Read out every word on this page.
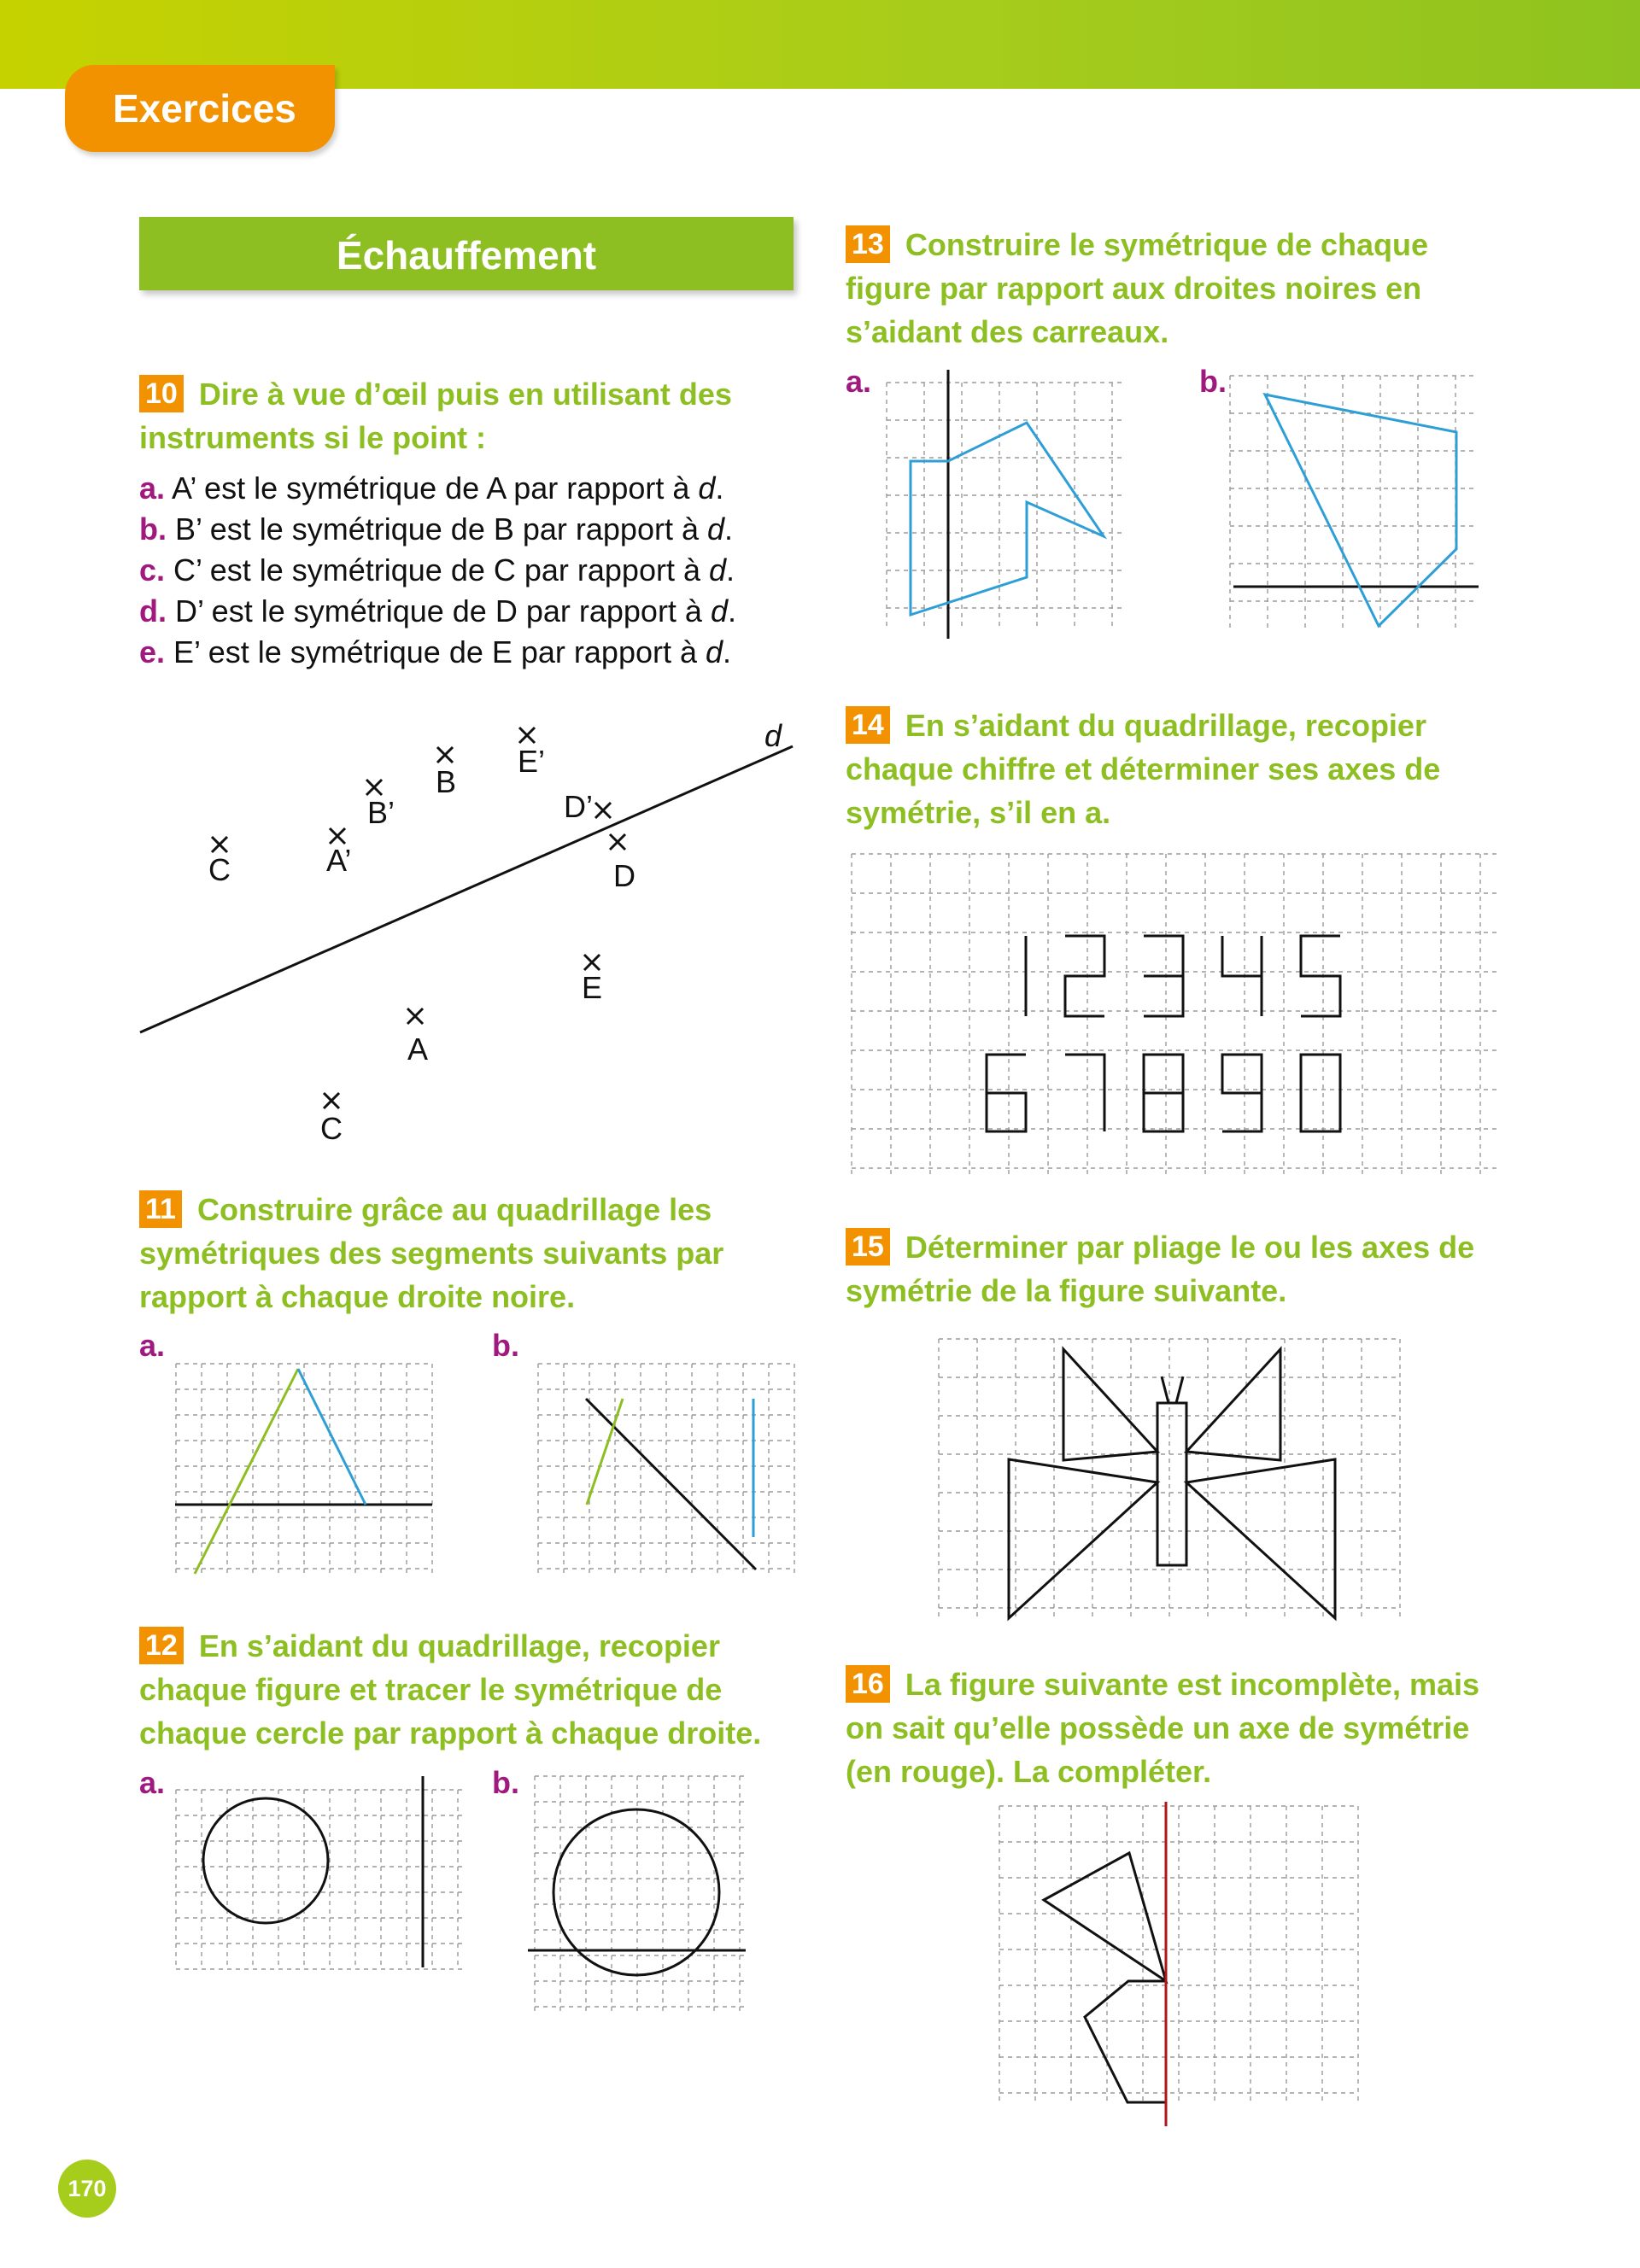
Exercices
Échauffement
10 Dire à vue d’œil puis en utilisant des instruments si le point :
a. A’ est le symétrique de A par rapport à d.
b. B’ est le symétrique de B par rapport à d.
c. C’ est le symétrique de C par rapport à d.
d. D’ est le symétrique de D par rapport à d.
e. E’ est le symétrique de E par rapport à d.
d
C	A’
B’
B
E’
D’
D
E
A
C
11 Construire grâce au quadrillage les symétriques des segments suivants par rapport à chaque droite noire.
a.	b.
12 En s’aidant du quadrillage, recopier chaque figure et tracer le symétrique de chaque cercle par rapport à chaque droite.
a.	b.
13 Construire le symétrique de chaque figure par rapport aux droites noires en s’aidant des carreaux.
a.	b.
14 En s’aidant du quadrillage, recopier chaque chiffre et déterminer ses axes de symétrie, s’il en a.
15 Déterminer par pliage le ou les axes de symétrie de la figure suivante.
16 La figure suivante est incomplète, mais on sait qu’elle possède un axe de symétrie (en rouge). La compléter.
170
